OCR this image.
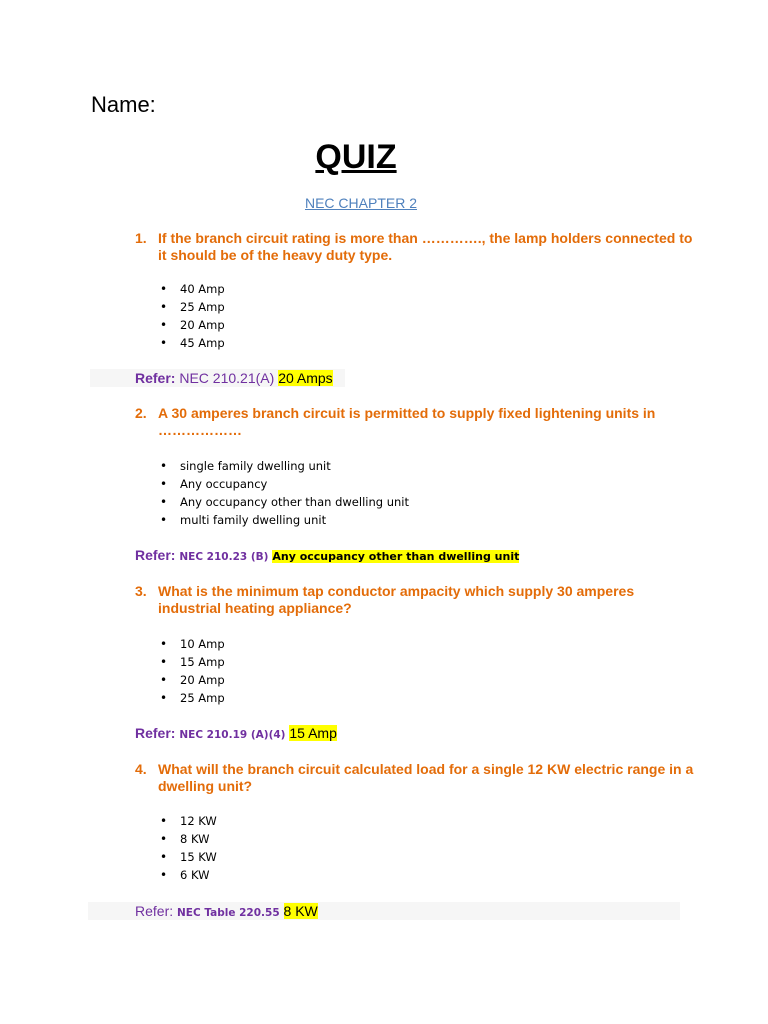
Name:
QUIZ
NEC CHAPTER 2
1. If the branch circuit rating is more than …………., the lamp holders connected to it should be of the heavy duty type.
• 40 Amp
• 25 Amp
• 20 Amp
• 45 Amp
Refer: NEC 210.21(A) 20 Amps
2. A 30 amperes branch circuit is permitted to supply fixed lightening units in ………………
• single family dwelling unit
• Any occupancy
• Any occupancy other than dwelling unit
• multi family dwelling unit
Refer: NEC 210.23 (B) Any occupancy other than dwelling unit
3. What is the minimum tap conductor ampacity which supply 30 amperes industrial heating appliance?
• 10 Amp
• 15 Amp
• 20 Amp
• 25 Amp
Refer: NEC 210.19 (A)(4) 15 Amp
4. What will the branch circuit calculated load for a single 12 KW electric range in a dwelling unit?
• 12 KW
• 8 KW
• 15 KW
• 6 KW
Refer: NEC Table 220.55 8 KW
